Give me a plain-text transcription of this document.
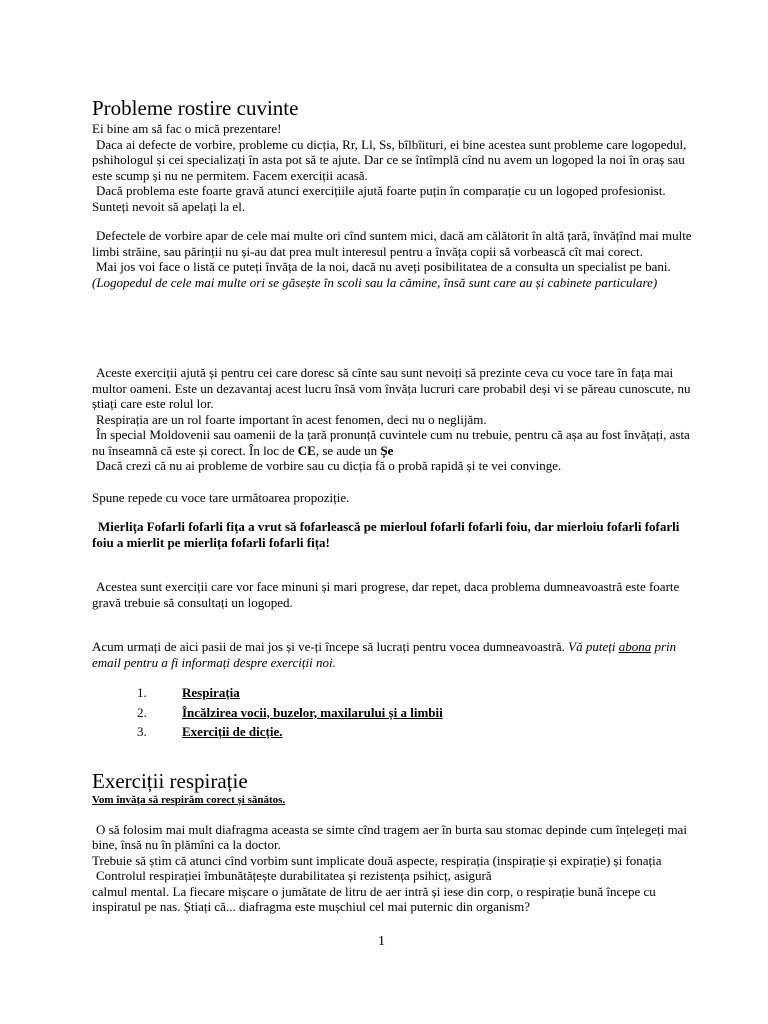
Probleme rostire cuvinte

Ei bine am să fac o mică prezentare!

Daca ai defecte de vorbire, probleme cu dicția, Rr, Ll, Ss, bîlbîituri, ei bine acestea sunt probleme care logopedul, pshihologul și cei specializați în asta pot să te ajute. Dar ce se întîmplă cînd nu avem un logoped la noi în oraș sau este scump și nu ne permitem. Facem exerciții acasă.

Dacă problema este foarte gravă atunci exercițiile ajută foarte puțin în comparație cu un logoped profesionist. Sunteți nevoit să apelați la el.

Defectele de vorbire apar de cele mai multe ori cînd suntem mici, dacă am călătorit în altă țară, învățînd mai multe limbi străine, sau părinții nu și-au dat prea mult interesul pentru a învăța copii să vorbească cît mai corect.

Mai jos voi face o listă ce puteți învăța de la noi, dacă nu aveți posibilitatea de a consulta un specialist pe bani.

(Logopedul de cele mai multe ori se găsește în scoli sau la cămine, însă sunt care au și cabinete particulare)

Aceste exerciții ajută și pentru cei care doresc să cînte sau sunt nevoiți să prezinte ceva cu voce tare în fața mai multor oameni. Este un dezavantaj acest lucru însă vom învăța lucruri care probabil deși vi se păreau cunoscute, nu știați care este rolul lor.

Respirația are un rol foarte important în acest fenomen, deci nu o neglijăm.

În special Moldovenii sau oamenii de la țară pronunță cuvintele cum nu trebuie, pentru că așa au fost învățați, asta nu înseamnă că este și corect. În loc de CE, se aude un Șe

Dacă crezi că nu ai probleme de vorbire sau cu dicția fă o probă rapidă și te vei convinge.

Spune repede cu voce tare următoarea propoziție.
Mierlița Fofarli fofarli fița a vrut să fofarlească pe mierloul fofarli fofarli foiu, dar mierloiu fofarli fofarli foiu a mierlit pe mierlița fofarli fofarli fița!
Acestea sunt exerciții care vor face minuni și mari progrese, dar repet, daca problema dumneavoastră este foarte gravă trebuie să consultați un logoped.
Acum urmați de aici pasii de mai jos și ve-ți începe să lucrați pentru vocea dumneavoastră. Vă puteți abona prin email pentru a fi informați despre exerciții noi.
1.	Respirația
2.	Încălzirea vocii, buzelor, maxilarului și a limbii
3.	Exerciții de dicție.
Exerciții respirație

Vom învăța să respirăm corect și sănătos.

O să folosim mai mult diafragma aceasta se simte cînd tragem aer în burta sau stomac depinde cum înțelegeți mai bine, însă nu în plămîni ca la doctor.

Trebuie să știm că atunci cînd vorbim sunt implicate două aspecte, respirația (inspirație și expirație) și fonația

Controlul respirației îmbunătățește durabilitatea și rezistența psihicț, asigură

calmul mental. La fiecare mișcare o jumătate de litru de aer intră și iese din corp, o respirație bună începe cu inspiratul pe nas. Știați că... diafragma este mușchiul cel mai puternic din organism?

1
